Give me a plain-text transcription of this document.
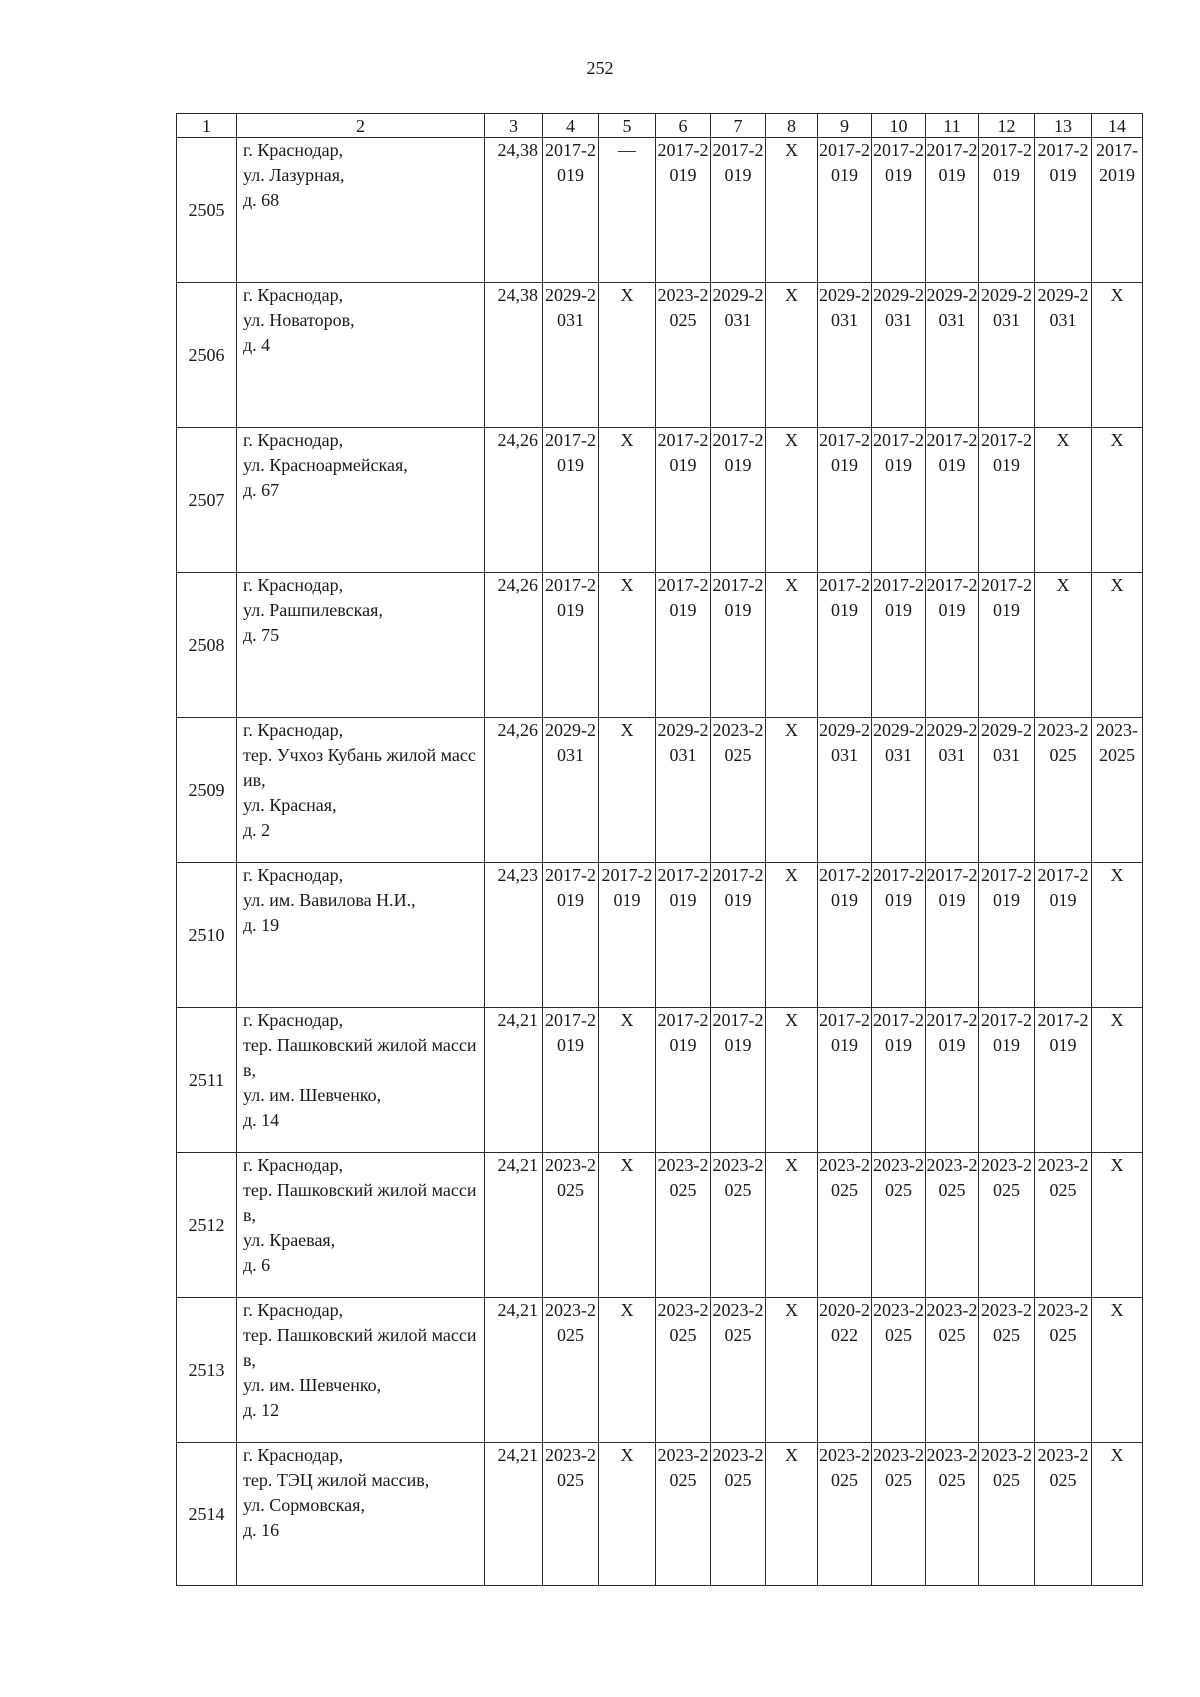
252
1	2	3	4	5	6	7	8	9	10	11	12	13	14
2505	г. Краснодар,
ул. Лазурная,
д. 68	24,38	2017-2019	—	2017-2019	2017-2019	X	2017-2019	2017-2019	2017-2019	2017-2019	2017-2019	2017-2019
2506	г. Краснодар,
ул. Новаторов,
д. 4	24,38	2029-2031	X	2023-2025	2029-2031	X	2029-2031	2029-2031	2029-2031	2029-2031	2029-2031	X
2507	г. Краснодар,
ул. Красноармейская,
д. 67	24,26	2017-2019	X	2017-2019	2017-2019	X	2017-2019	2017-2019	2017-2019	2017-2019	X	X
2508	г. Краснодар,
ул. Рашпилевская,
д. 75	24,26	2017-2019	X	2017-2019	2017-2019	X	2017-2019	2017-2019	2017-2019	2017-2019	X	X
2509	г. Краснодар,
тер. Учхоз Кубань жилой массив,
ул. Красная,
д. 2	24,26	2029-2031	X	2029-2031	2023-2025	X	2029-2031	2029-2031	2029-2031	2029-2031	2023-2025	2023-2025
2510	г. Краснодар,
ул. им. Вавилова Н.И.,
д. 19	24,23	2017-2019	2017-2019	2017-2019	2017-2019	X	2017-2019	2017-2019	2017-2019	2017-2019	2017-2019	X
2511	г. Краснодар,
тер. Пашковский жилой массив,
ул. им. Шевченко,
д. 14	24,21	2017-2019	X	2017-2019	2017-2019	X	2017-2019	2017-2019	2017-2019	2017-2019	2017-2019	X
2512	г. Краснодар,
тер. Пашковский жилой массив,
ул. Краевая,
д. 6	24,21	2023-2025	X	2023-2025	2023-2025	X	2023-2025	2023-2025	2023-2025	2023-2025	2023-2025	X
2513	г. Краснодар,
тер. Пашковский жилой массив,
ул. им. Шевченко,
д. 12	24,21	2023-2025	X	2023-2025	2023-2025	X	2020-2022	2023-2025	2023-2025	2023-2025	2023-2025	X
2514	г. Краснодар,
тер. ТЭЦ жилой массив,
ул. Сормовская,
д. 16	24,21	2023-2025	X	2023-2025	2023-2025	X	2023-2025	2023-2025	2023-2025	2023-2025	2023-2025	X
